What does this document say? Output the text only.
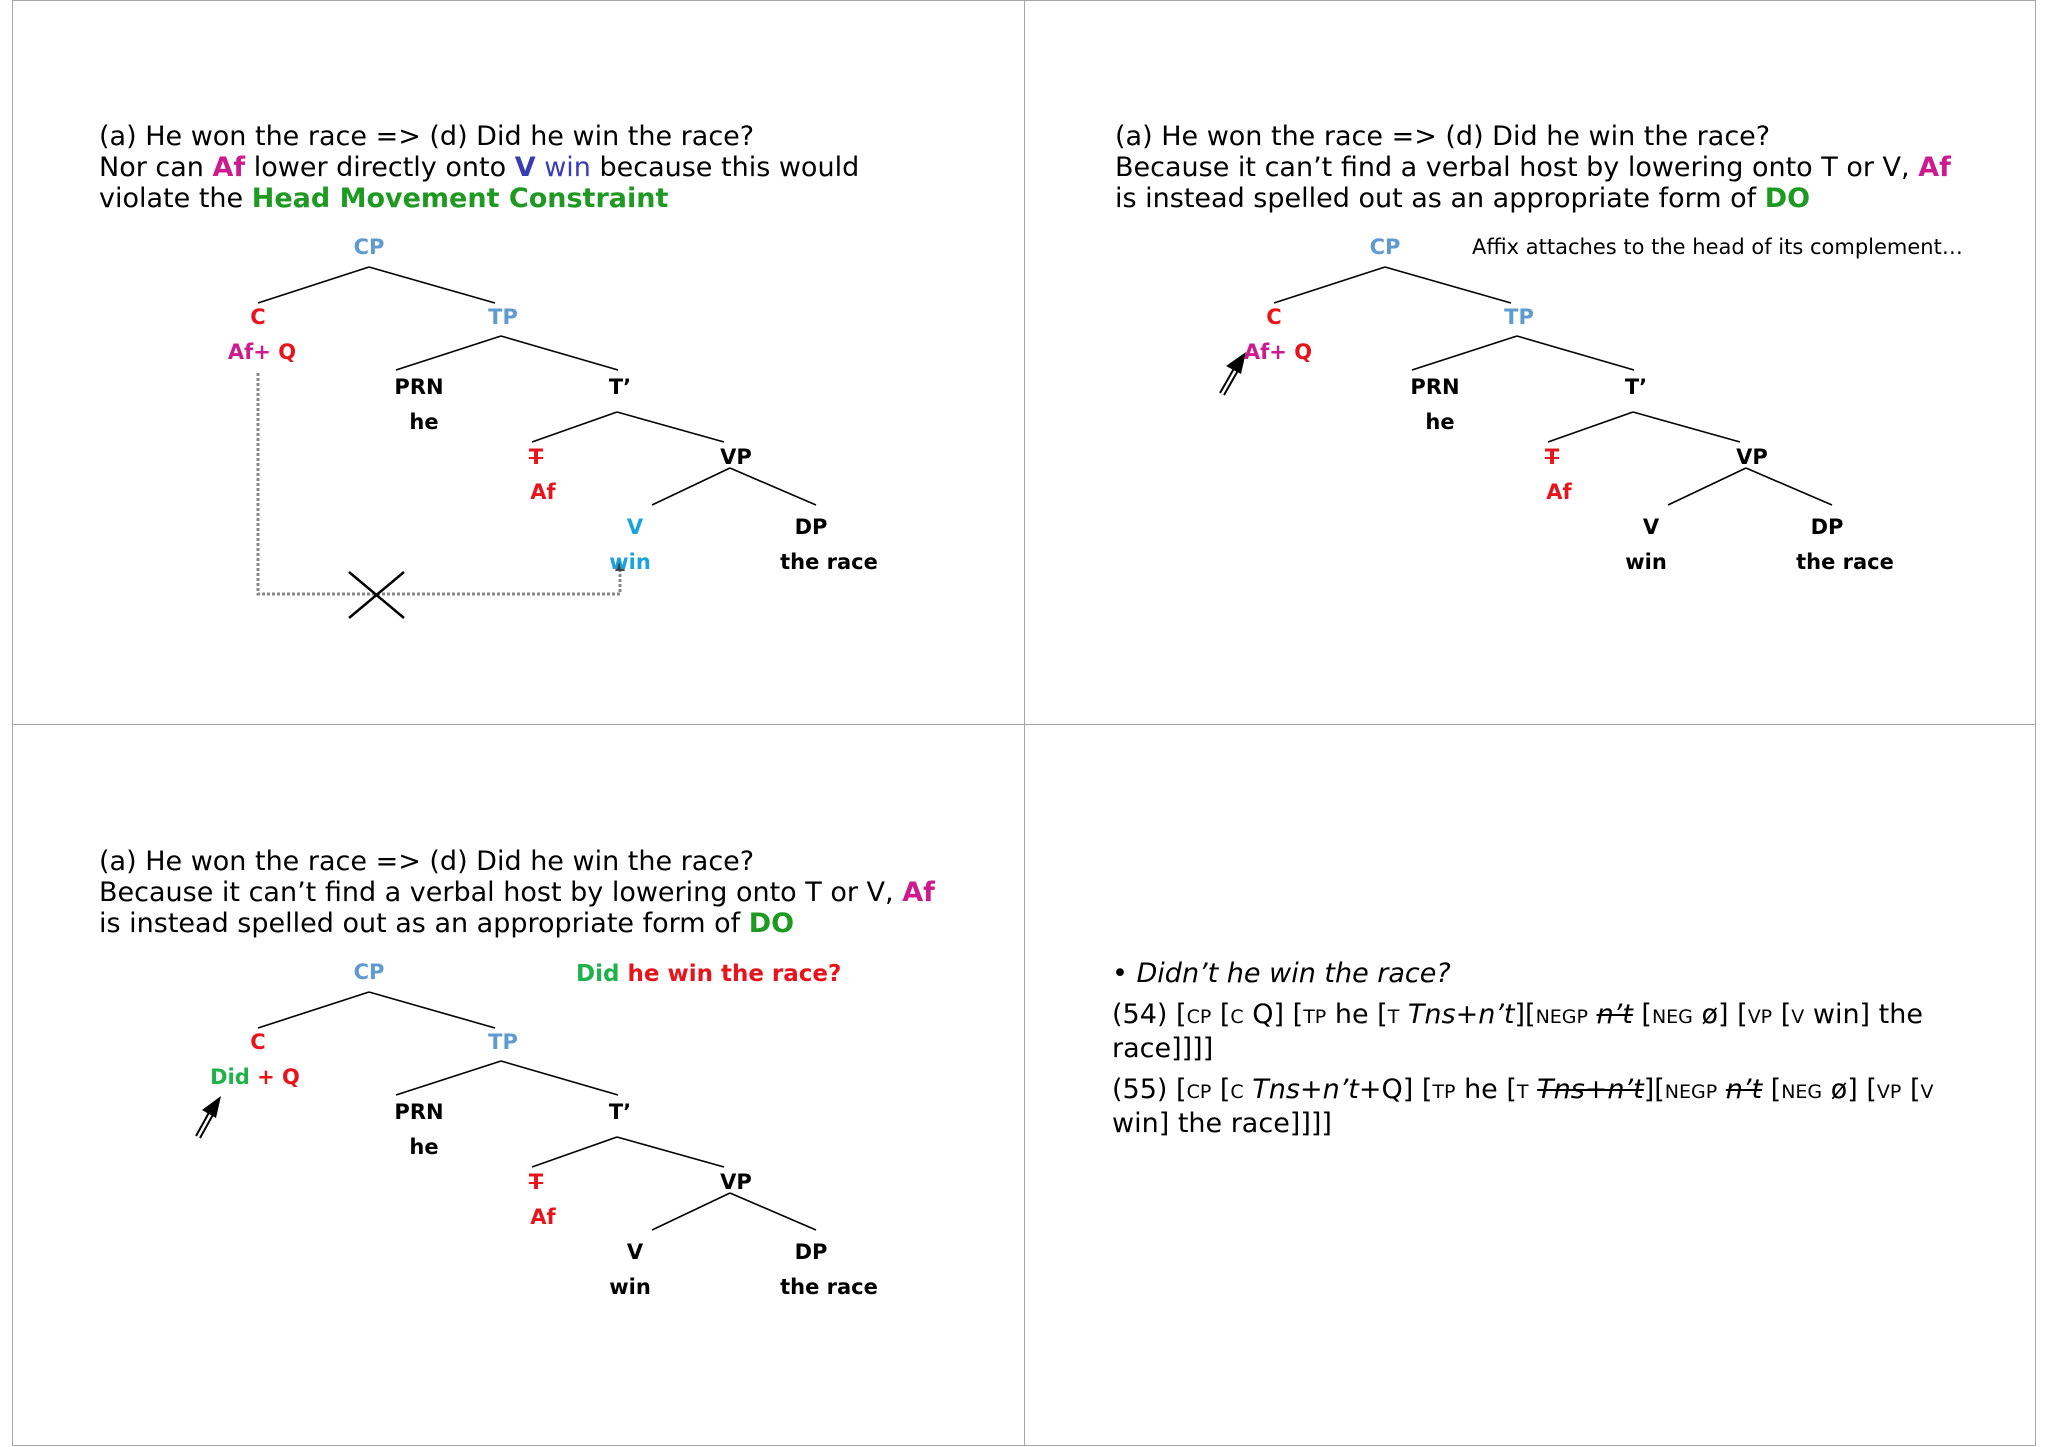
(a) He won the race => (d) Did he win the race?
Nor can Af lower directly onto V win because this would
violate the Head Movement Constraint
CP
C
Af+ Q
TP
PRN
he
T’
T
Af
VP
V
win
DP
the race
(a) He won the race => (d) Did he win the race?
Because it can’t find a verbal host by lowering onto T or V, Af
is instead spelled out as an appropriate form of DO
Affix attaches to the head of its complement…
CP
C
Af+ Q
TP
PRN
he
T’
T
Af
VP
V
win
DP
the race
(a) He won the race => (d) Did he win the race?
Because it can’t find a verbal host by lowering onto T or V, Af
is instead spelled out as an appropriate form of DO
Did he win the race?
CP
C
Did + Q
TP
PRN
he
T’
T
Af
VP
V
win
DP
the race

• Didn’t he win the race?

(54) [CP [C Q] [TP he [T Tns+n’t][NEGP n’t [NEG ø] [VP [V win] the race]]]]

(55) [CP [C Tns+n’t+Q] [TP he [T Tns+n’t][NEGP n’t [NEG ø] [VP [V win] the race]]]]
